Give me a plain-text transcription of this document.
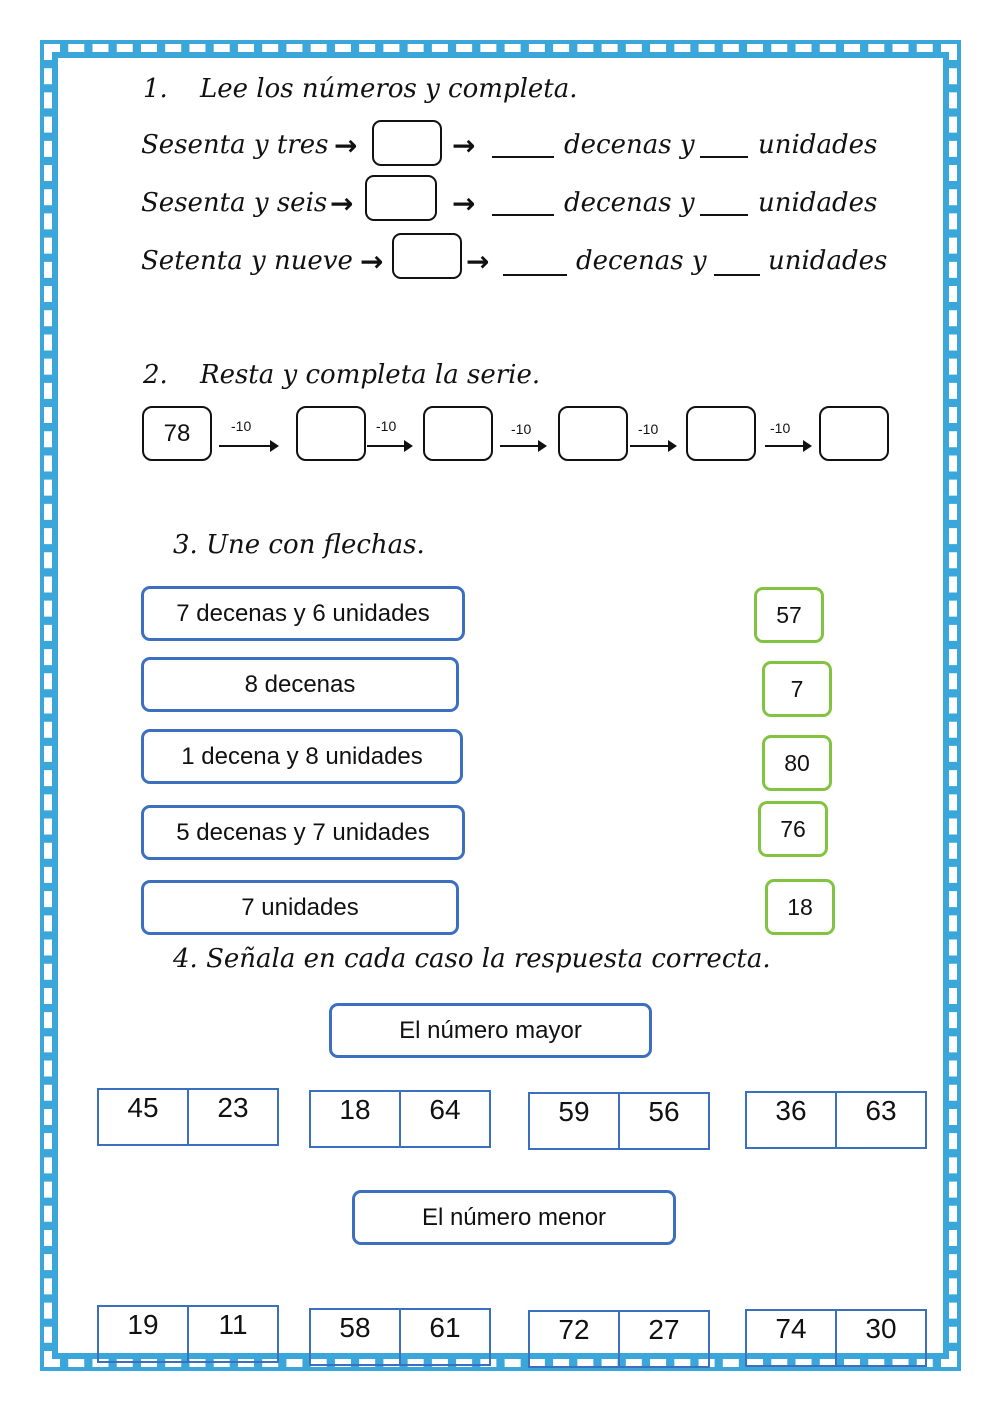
1. Lee los números y completa.
Sesenta y tres →	→	decenas y unidades
Sesenta y seis →	→	decenas y unidades
Setenta y nueve →	→	decenas y unidades
2. Resta y completa la serie.
78	-10	-10	-10	-10	-10
3. Une con flechas.
7 decenas y 6 unidades
8 decenas
1 decena y 8 unidades
5 decenas y 7 unidades
7 unidades
57
7
80
76
18
4. Señala en cada caso la respuesta correcta.
El número mayor
45	23	18	64	59	56	36	63
El número menor
19	11	58	61	72	27	74	30
